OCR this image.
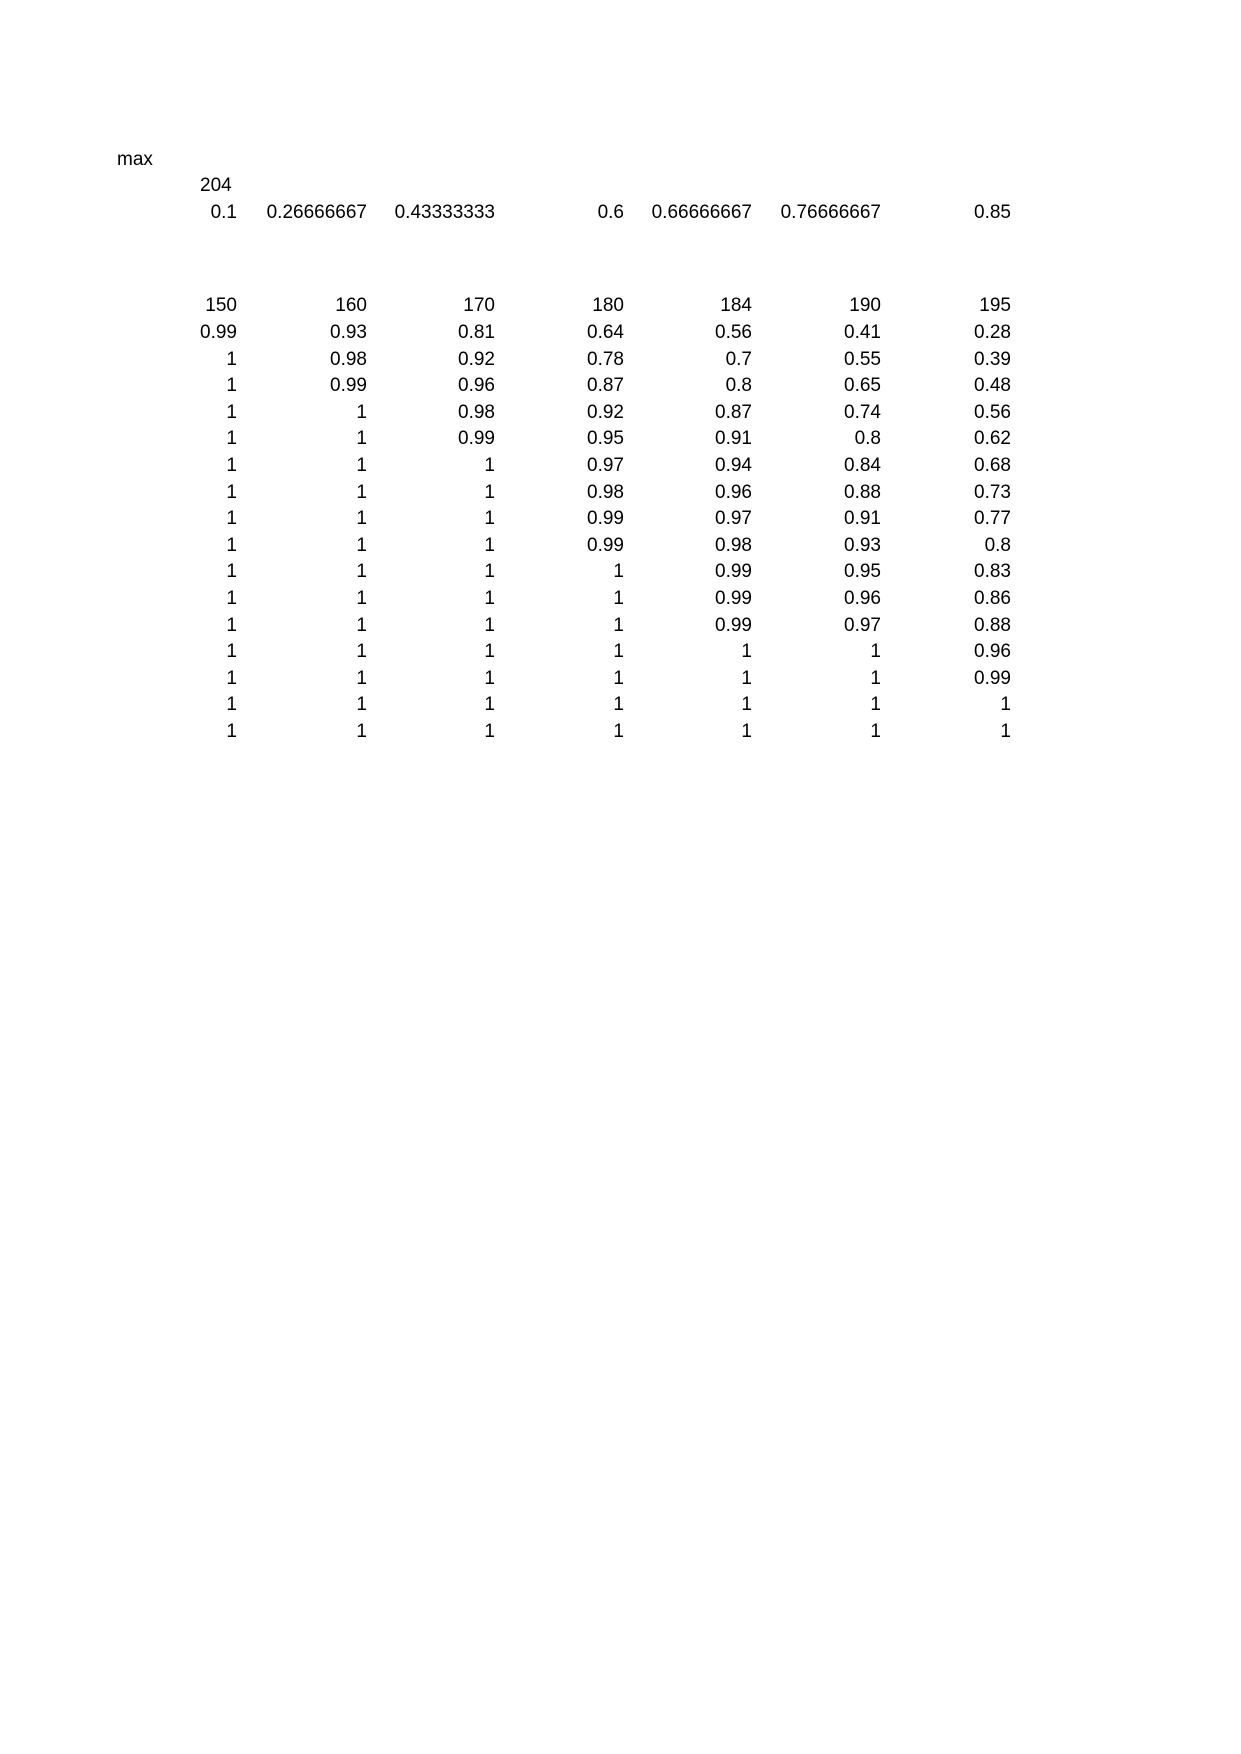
max
204
0.1	0.26666667	0.43333333	0.6	0.66666667	0.76666667	0.85
150	160	170	180	184	190	195
0.99	0.93	0.81	0.64	0.56	0.41	0.28
1	0.98	0.92	0.78	0.7	0.55	0.39
1	0.99	0.96	0.87	0.8	0.65	0.48
1	1	0.98	0.92	0.87	0.74	0.56
1	1	0.99	0.95	0.91	0.8	0.62
1	1	1	0.97	0.94	0.84	0.68
1	1	1	0.98	0.96	0.88	0.73
1	1	1	0.99	0.97	0.91	0.77
1	1	1	0.99	0.98	0.93	0.8
1	1	1	1	0.99	0.95	0.83
1	1	1	1	0.99	0.96	0.86
1	1	1	1	0.99	0.97	0.88
1	1	1	1	1	1	0.96
1	1	1	1	1	1	0.99
1	1	1	1	1	1	1
1	1	1	1	1	1	1
